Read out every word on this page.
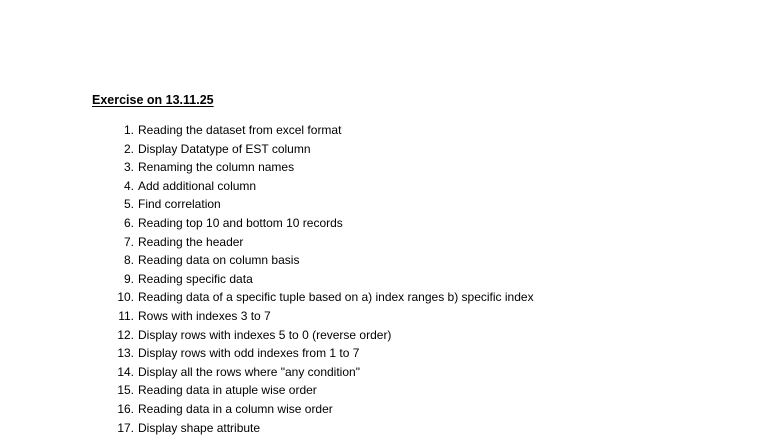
Exercise on 13.11.25
1. Reading the dataset from excel format
2. Display Datatype of EST column
3. Renaming the column names
4. Add additional column
5. Find correlation
6. Reading top 10 and bottom 10 records
7. Reading the header
8. Reading data on column basis
9. Reading specific data
10. Reading data of a specific tuple based on a) index ranges b) specific index
11. Rows with indexes 3 to 7
12. Display rows with indexes 5 to 0 (reverse order)
13. Display rows with odd indexes from 1 to 7
14. Display all the rows where "any condition"
15. Reading data in atuple wise order
16. Reading data in a column wise order
17. Display shape attribute
